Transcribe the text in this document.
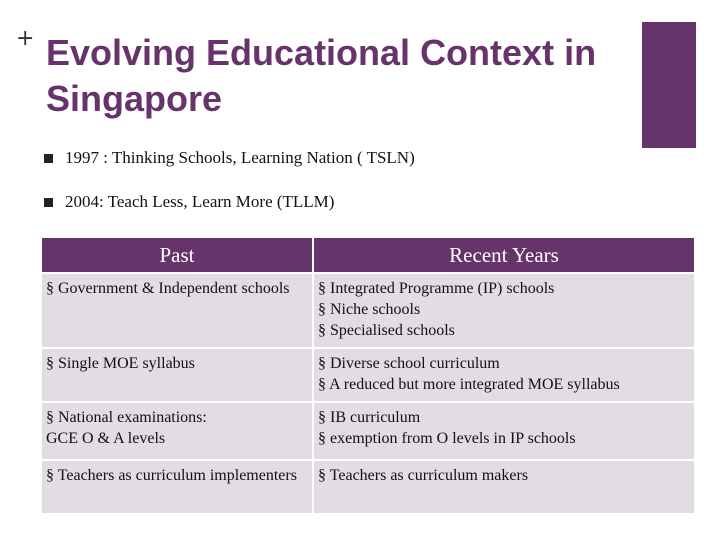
+ Evolving Educational Context in Singapore
1997 : Thinking Schools, Learning Nation ( TSLN)
2004: Teach Less, Learn More (TLLM)
Past	Recent Years

§ Government & Independent schools	§ Integrated Programme (IP) schools
§ Niche schools
§ Specialised schools

§ Single MOE syllabus	§ Diverse school curriculum
§ A reduced but more integrated MOE syllabus

§ National examinations:
GCE O & A levels	§ IB curriculum
§ exemption from O levels in IP schools

§ Teachers as curriculum implementers	§ Teachers as curriculum makers
